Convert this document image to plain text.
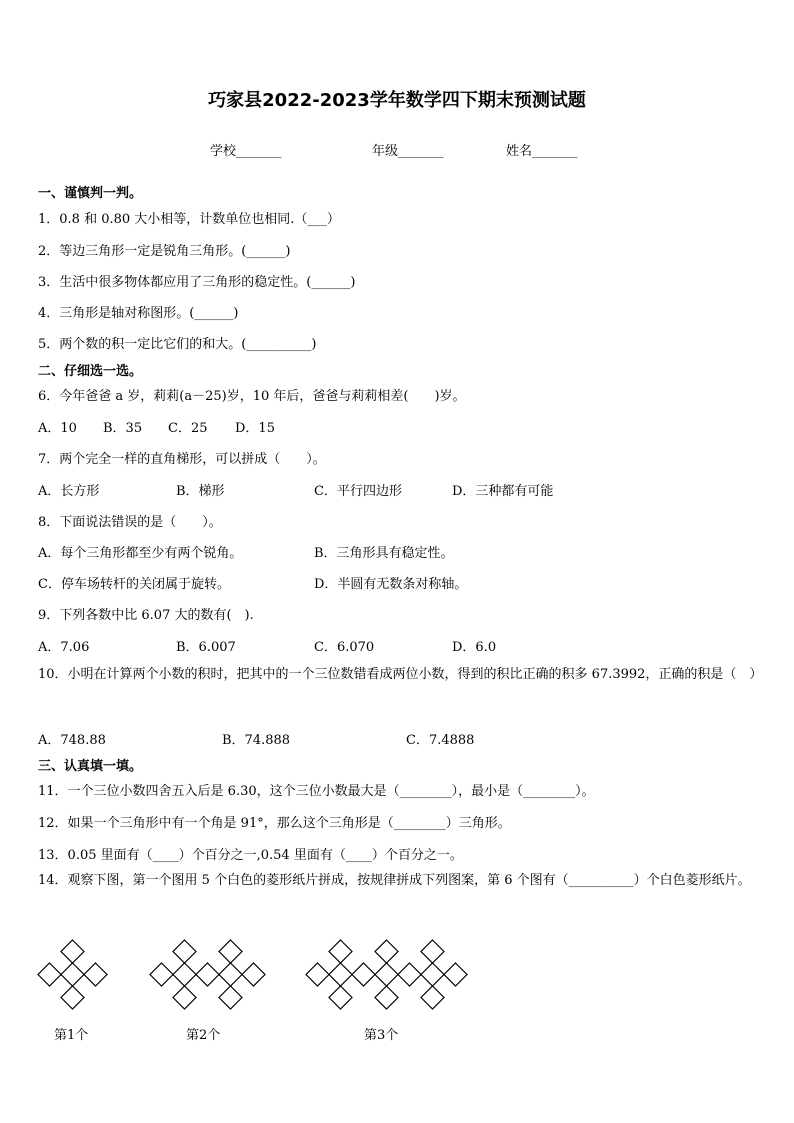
巧家县2022-2023学年数学四下期末预测试题
学校_______	年级_______	姓名_______
一、谨慎判一判。
1．0.8 和 0.80 大小相等，计数单位也相同.（___）
2．等边三角形一定是锐角三角形。(______)
3．生活中很多物体都应用了三角形的稳定性。(______)
4．三角形是轴对称图形。(______)
5．两个数的积一定比它们的和大。(__________)
二、仔细选一选。
6．今年爸爸 a 岁，莉莉(a－25)岁，10 年后，爸爸与莉莉相差(　　)岁。
A．10 B．35 C．25 D．15
7．两个完全一样的直角梯形，可以拼成（　　）。
A．长方形	B．梯形	C．平行四边形	D．三种都有可能
8．下面说法错误的是（　　）。
A．每个三角形都至少有两个锐角。	B．三角形具有稳定性。
C．停车场转杆的关闭属于旋转。	D．半圆有无数条对称轴。
9．下列各数中比 6.07 大的数有(　).
A．7.06	B．6.007	C．6.070	D．6.0
10．小明在计算两个小数的积时，把其中的一个三位数错看成两位小数，得到的积比正确的积多 67.3992，正确的积是（　）
A．748.88	B．74.888	C．7.4888
三、认真填一填。
11．一个三位小数四舍五入后是 6.30，这个三位小数最大是（________），最小是（________）。
12．如果一个三角形中有一个角是 91°，那么这个三角形是（________）三角形。
13．0.05 里面有（____）个百分之一,0.54 里面有（____）个百分之一。
14．观察下图，第一个图用 5 个白色的菱形纸片拼成，按规律拼成下列图案，第 6 个图有（__________）个白色菱形纸片。
第1个	第2个	第3个
